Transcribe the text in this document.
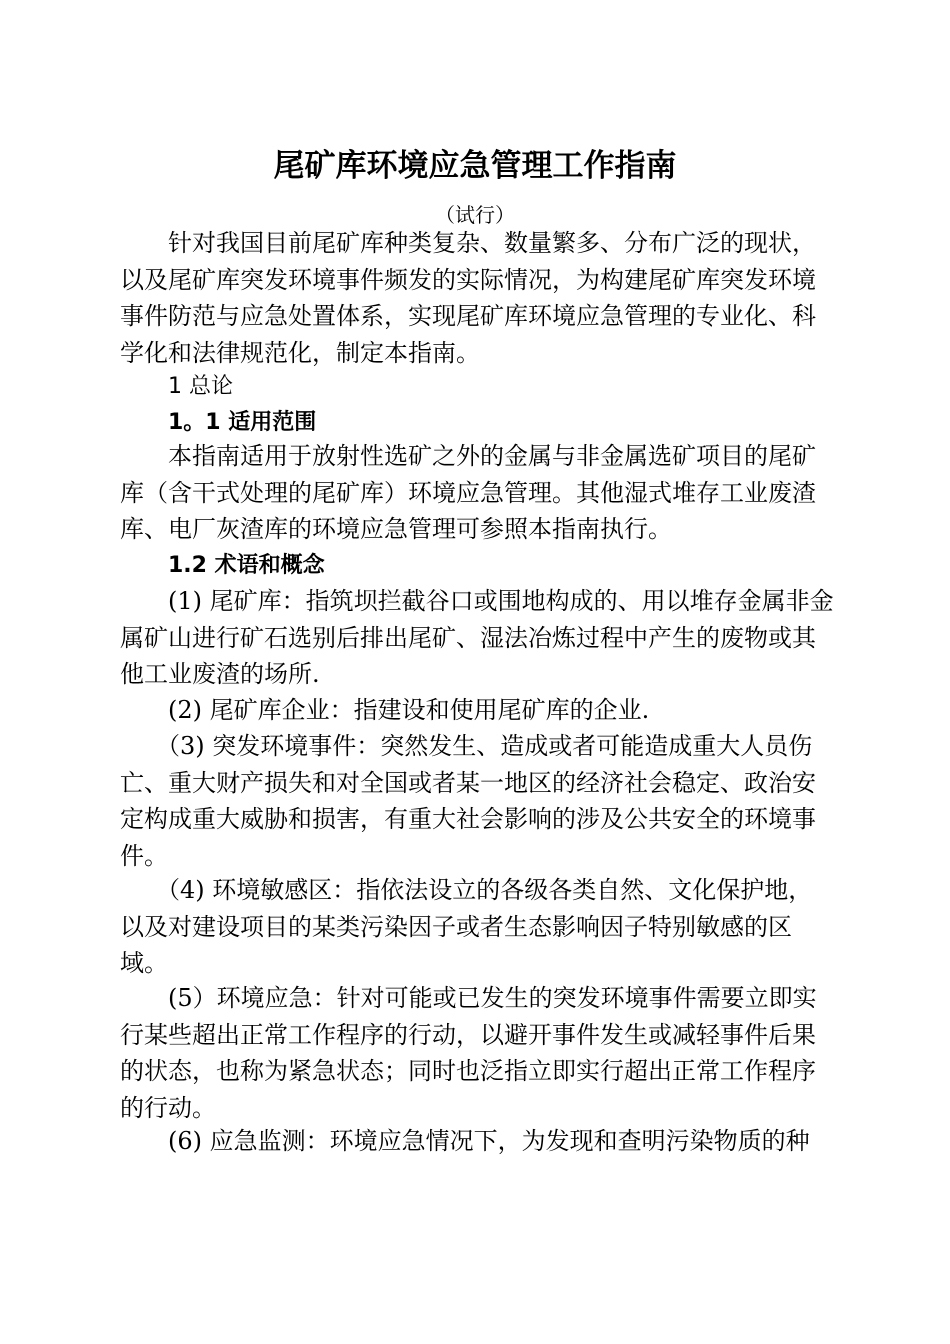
尾矿库环境应急管理工作指南
（试行）
　　针对我国目前尾矿库种类复杂、数量繁多、分布广泛的现状，
以及尾矿库突发环境事件频发的实际情况，为构建尾矿库突发环境
事件防范与应急处置体系，实现尾矿库环境应急管理的专业化、科
学化和法律规范化，制定本指南。
1 总论
1。1 适用范围
　　本指南适用于放射性选矿之外的金属与非金属选矿项目的尾矿
库（含干式处理的尾矿库）环境应急管理。其他湿式堆存工业废渣
库、电厂灰渣库的环境应急管理可参照本指南执行。
1.2 术语和概念
　　(1) 尾矿库：指筑坝拦截谷口或围地构成的、用以堆存金属非金
属矿山进行矿石选别后排出尾矿、湿法冶炼过程中产生的废物或其
他工业废渣的场所.
　　(2) 尾矿库企业：指建设和使用尾矿库的企业.
　　（3) 突发环境事件：突然发生、造成或者可能造成重大人员伤
亡、重大财产损失和对全国或者某一地区的经济社会稳定、政治安
定构成重大威胁和损害，有重大社会影响的涉及公共安全的环境事
件。
　　（4) 环境敏感区：指依法设立的各级各类自然、文化保护地，
以及对建设项目的某类污染因子或者生态影响因子特别敏感的区
域。
　　(5）环境应急：针对可能或已发生的突发环境事件需要立即实
行某些超出正常工作程序的行动，以避开事件发生或减轻事件后果
的状态，也称为紧急状态；同时也泛指立即实行超出正常工作程序
的行动。
　　(6) 应急监测：环境应急情况下，为发现和查明污染物质的种
